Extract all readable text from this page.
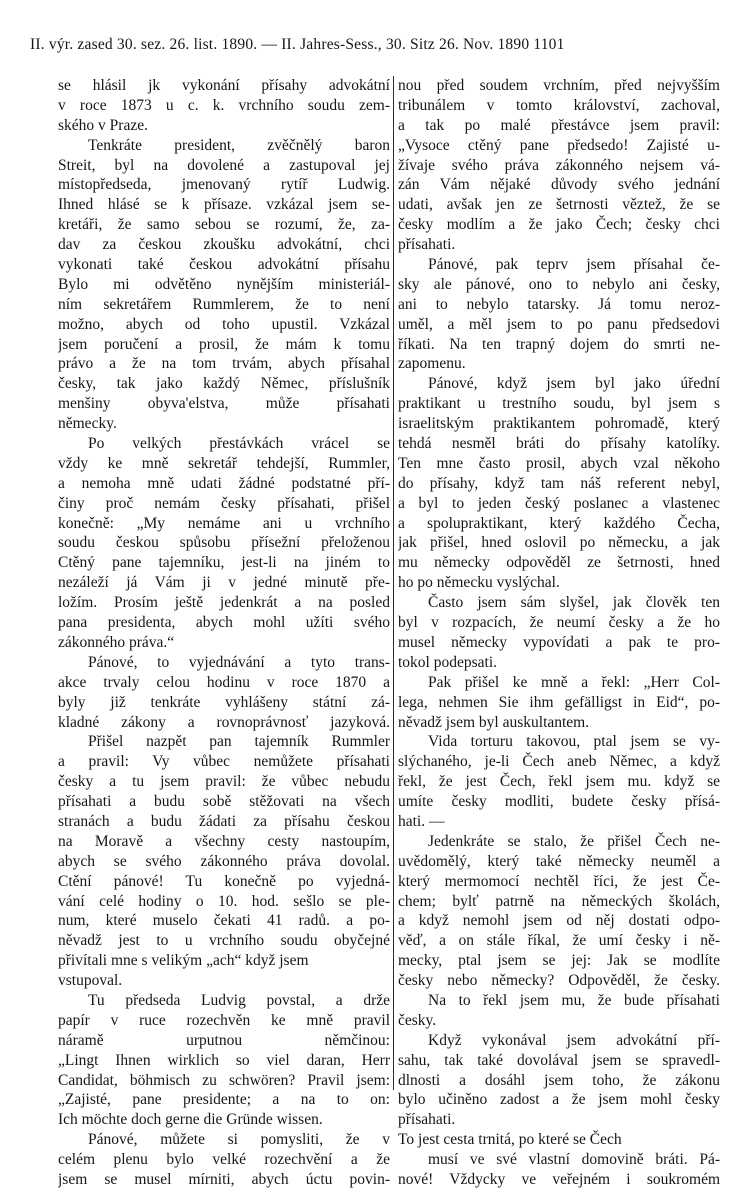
II. výr. zased 30. sez. 26. list. 1890. — II. Jahres-Sess., 30. Sitz 26. Nov. 1890 1101
se hlásil jk vykonání přísahy advokátní
v roce 1873 u c. k. vrchního soudu zem-
ského v Praze.
Tenkráte president, zvěčnělý baron
Streit, byl na dovolené a zastupoval jej
místopředseda, jmenovaný rytíř Ludwig.
Ihned hlásé se k přísaze. vzkázal jsem se-
kretáři, že samo sebou se rozumí, že, za-
dav za českou zkoušku advokátní, chci
vykonati také českou advokátní přísahu
Bylo mi odvětěno nynějším ministeriál-
ním sekretářem Rummlerem, že to není
možno, abych od toho upustil. Vzkázal
jsem poručení a prosil, že mám k tomu
právo a že na tom trvám, abych přísahal
česky, tak jako každý Němec, příslušník
menšiny obyva'elstva, může přísahati
německy.
Po velkých přestávkách vrácel se
vždy ke mně sekretář tehdejší, Rummler,
a nemoha mně udati žádné podstatné pří-
činy proč nemám česky přísahati, přišel
konečně: „My nemáme ani u vrchního
soudu českou spůsobu přísežní přeloženou
Ctěný pane tajemníku, jest-li na jiném to
nezáleží já Vám ji v jedné minutě pře-
ložím. Prosím ještě jedenkrát a na posled
pana presidenta, abych mohl užíti svého
zákonného práva.“
Pánové, to vyjednávání a tyto trans-
akce trvaly celou hodinu v roce 1870 a
byly již tenkráte vyhlášeny státní zá-
kladné zákony a rovnoprávnosť jazyková.
Přišel nazpět pan tajemník Rummler
a pravil: Vy vůbec nemůžete přísahati
česky a tu jsem pravil: že vůbec nebudu
přísahati a budu sobě stěžovati na všech
stranách a budu žádati za přísahu českou
na Moravě a všechny cesty nastoupím,
abych se svého zákonného práva dovolal.
Ctění pánové! Tu konečně po vyjedná-
vání celé hodiny o 10. hod. sešlo se ple-
num, které muselo čekati 41 radů. a po-
něvadž jest to u vrchního soudu obyčejné
přivítali mne s velikým „ach“ když jsem
vstupoval.
Tu předseda Ludvig povstal, a drže
papír v ruce rozechvěn ke mně pravil
náramě urputnou němčinou:
„Lingt Ihnen wirklich so viel daran, Herr
Candidat, böhmisch zu schwören? Pravil jsem:
„Zajisté, pane presidente; a na to on:
Ich möchte doch gerne die Gründe wissen.
Pánové, můžete si pomysliti, že v
celém plenu bylo velké rozechvění a že
jsem se musel mírniti, abych úctu povin-
nou před soudem vrchním, před nejvyšším
tribunálem v tomto království, zachoval,
a tak po malé přestávce jsem pravil:
„Vysoce ctěný pane předsedo! Zajisté u-
žívaje svého práva zákonného nejsem vá-
zán Vám nějaké důvody svého jednání
udati, avšak jen ze šetrnosti věztež, že se
česky modlím a že jako Čech; česky chci
přísahati.
Pánové, pak teprv jsem přísahal če-
sky ale pánové, ono to nebylo ani česky,
ani to nebylo tatarsky. Já tomu neroz-
uměl, a měl jsem to po panu předsedovi
říkati. Na ten trapný dojem do smrti ne-
zapomenu.
Pánové, když jsem byl jako úřední
praktikant u trestního soudu, byl jsem s
israelitským praktikantem pohromadě, který
tehdá nesměl bráti do přísahy katolíky.
Ten mne často prosil, abych vzal někoho
do přísahy, když tam náš referent nebyl,
a byl to jeden český poslanec a vlastenec
a spolupraktikant, který každého Čecha,
jak přišel, hned oslovil po německu, a jak
mu německy odpověděl ze šetrnosti, hned
ho po německu vyslýchal.
Často jsem sám slyšel, jak člověk ten
byl v rozpacích, že neumí česky a že ho
musel německy vypovídati a pak te pro-
tokol podepsati.
Pak přišel ke mně a řekl: „Herr Col-
lega, nehmen Sie ihm gefälligst in Eid“, po-
něvadž jsem byl auskultantem.
Vida torturu takovou, ptal jsem se vy-
slýchaného, je-li Čech aneb Němec, a když
řekl, že jest Čech, řekl jsem mu. když se
umíte česky modliti, budete česky přísá-
hati. —
Jedenkráte se stalo, že přišel Čech ne-
uvědomělý, který také německy neuměl a
který mermomocí nechtěl říci, že jest Če-
chem; bylť patrně na německých školách,
a když nemohl jsem od něj dostati odpo-
věď, a on stále říkal, že umí česky i ně-
mecky, ptal jsem se jej: Jak se modlíte
česky nebo německy? Odpověděl, že česky.
Na to řekl jsem mu, že bude přísahati
česky.
Když vykonával jsem advokátní pří-
sahu, tak také dovolával jsem se spravedl-
dlnosti a dosáhl jsem toho, že zákonu
bylo učiněno zadost a že jsem mohl česky
přísahati.
To jest cesta trnitá, po které se Čech
musí ve své vlastní domovině bráti. Pá-
nové! Vždycky ve veřejném i soukromém
